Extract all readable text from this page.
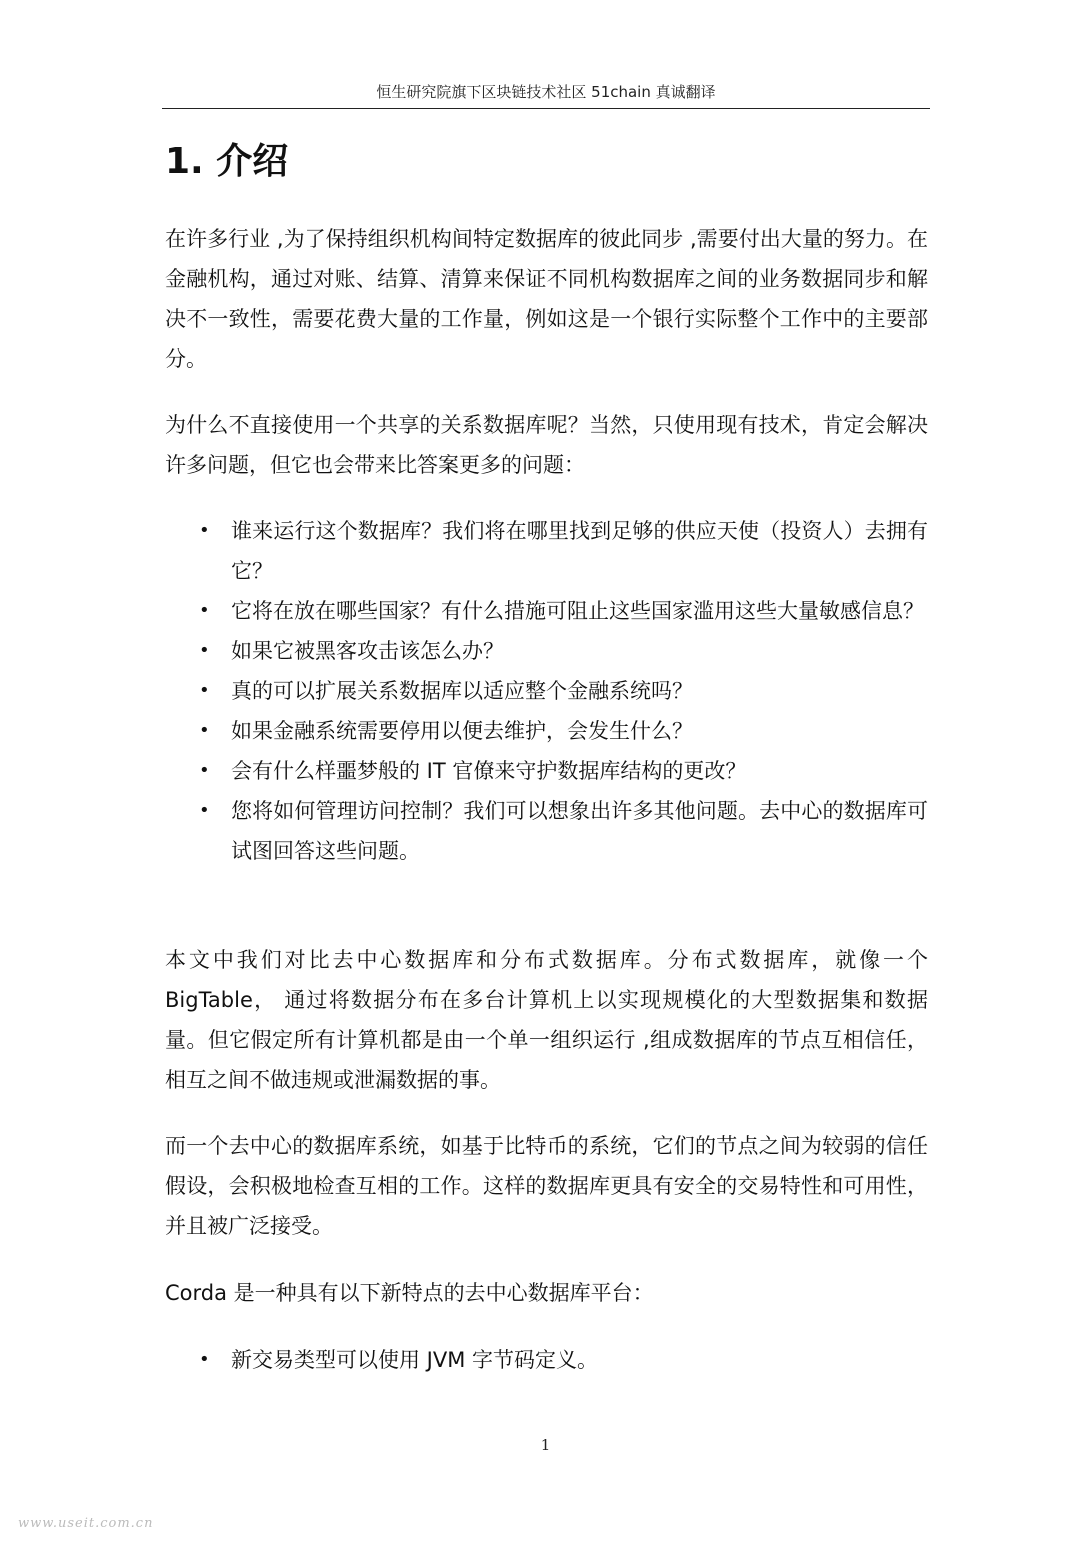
恒生研究院旗下区块链技术社区 51chain 真诚翻译
1. 介绍

在许多行业 ,为了保持组织机构间特定数据库的彼此同步 ,需要付出大量的努力。在金融机构，通过对账、结算、清算来保证不同机构数据库之间的业务数据同步和解决不一致性，需要花费大量的工作量，例如这是一个银行实际整个工作中的主要部分。

为什么不直接使用一个共享的关系数据库呢？当然，只使用现有技术，肯定会解决许多问题，但它也会带来比答案更多的问题：

• 谁来运行这个数据库？我们将在哪里找到足够的供应天使（投资人）去拥有它？
• 它将在放在哪些国家？有什么措施可阻止这些国家滥用这些大量敏感信息？
• 如果它被黑客攻击该怎么办？
• 真的可以扩展关系数据库以适应整个金融系统吗？
• 如果金融系统需要停用以便去维护，会发生什么？
• 会有什么样噩梦般的 IT 官僚来守护数据库结构的更改？
• 您将如何管理访问控制？我们可以想象出许多其他问题。去中心的数据库可试图回答这些问题。

本文中我们对比去中心数据库和分布式数据库。分布式数据库，就像一个 BigTable， 通过将数据分布在多台计算机上以实现规模化的大型数据集和数据量。但它假定所有计算机都是由一个单一组织运行 ,组成数据库的节点互相信任，相互之间不做违规或泄漏数据的事。

而一个去中心的数据库系统，如基于比特币的系统，它们的节点之间为较弱的信任假设，会积极地检查互相的工作。这样的数据库更具有安全的交易特性和可用性，并且被广泛接受。

Corda 是一种具有以下新特点的去中心数据库平台：

• 新交易类型可以使用 JVM 字节码定义。
1
www.useit.com.cn
